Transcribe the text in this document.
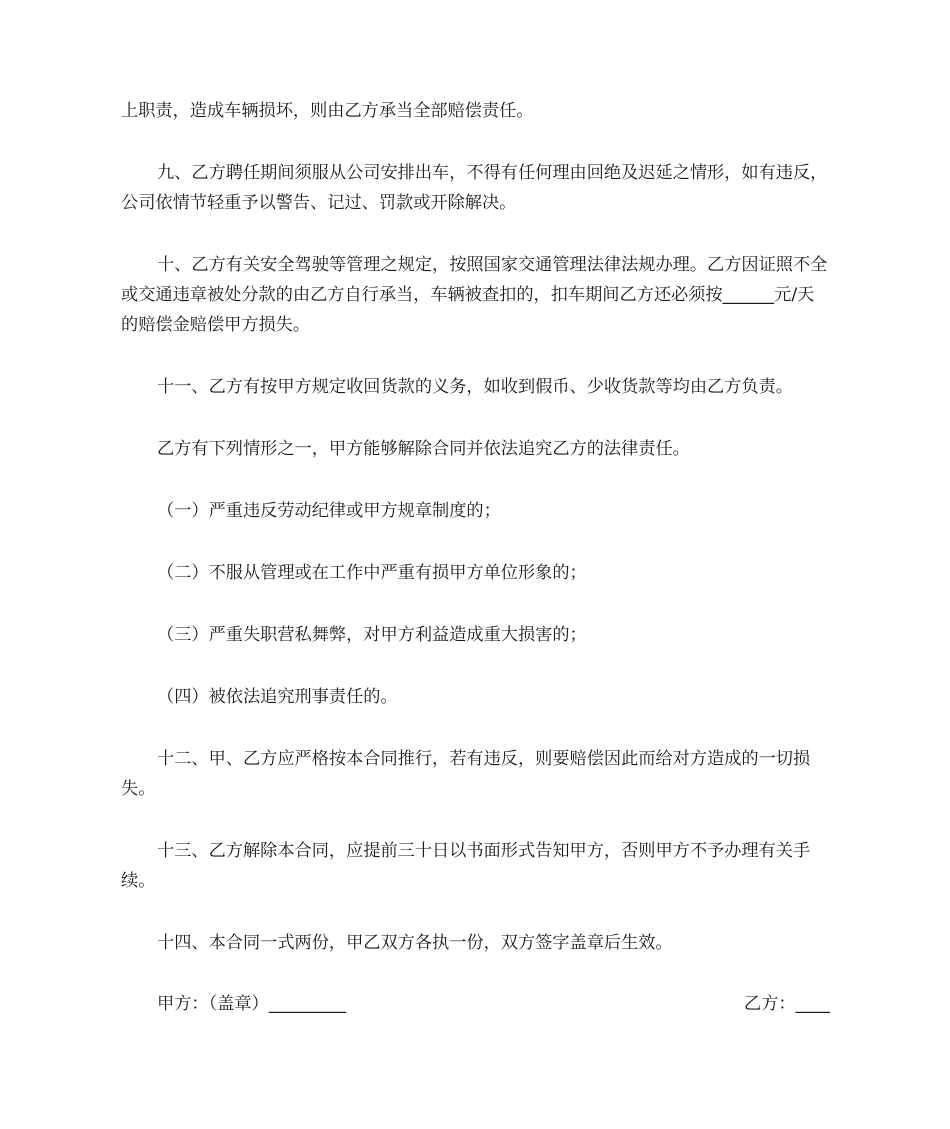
上职责，造成车辆损坏，则由乙方承当全部赔偿责任。

九、乙方聘任期间须服从公司安排出车，不得有任何理由回绝及迟延之情形，如有违反，公司依情节轻重予以警告、记过、罚款或开除解决。

十、乙方有关安全驾驶等管理之规定，按照国家交通管理法律法规办理。乙方因证照不全或交通违章被处分款的由乙方自行承当，车辆被查扣的，扣车期间乙方还必须按______元/天的赔偿金赔偿甲方损失。

十一、乙方有按甲方规定收回货款的义务，如收到假币、少收货款等均由乙方负责。

乙方有下列情形之一，甲方能够解除合同并依法追究乙方的法律责任。

（一）严重违反劳动纪律或甲方规章制度的；

（二）不服从管理或在工作中严重有损甲方单位形象的；

（三）严重失职营私舞弊，对甲方利益造成重大损害的；

（四）被依法追究刑事责任的。

十二、甲、乙方应严格按本合同推行，若有违反，则要赔偿因此而给对方造成的一切损失。

十三、乙方解除本合同，应提前三十日以书面形式告知甲方，否则甲方不予办理有关手续。

十四、本合同一式两份，甲乙双方各执一份，双方签字盖章后生效。

甲方：（盖章）_________	乙方：____
